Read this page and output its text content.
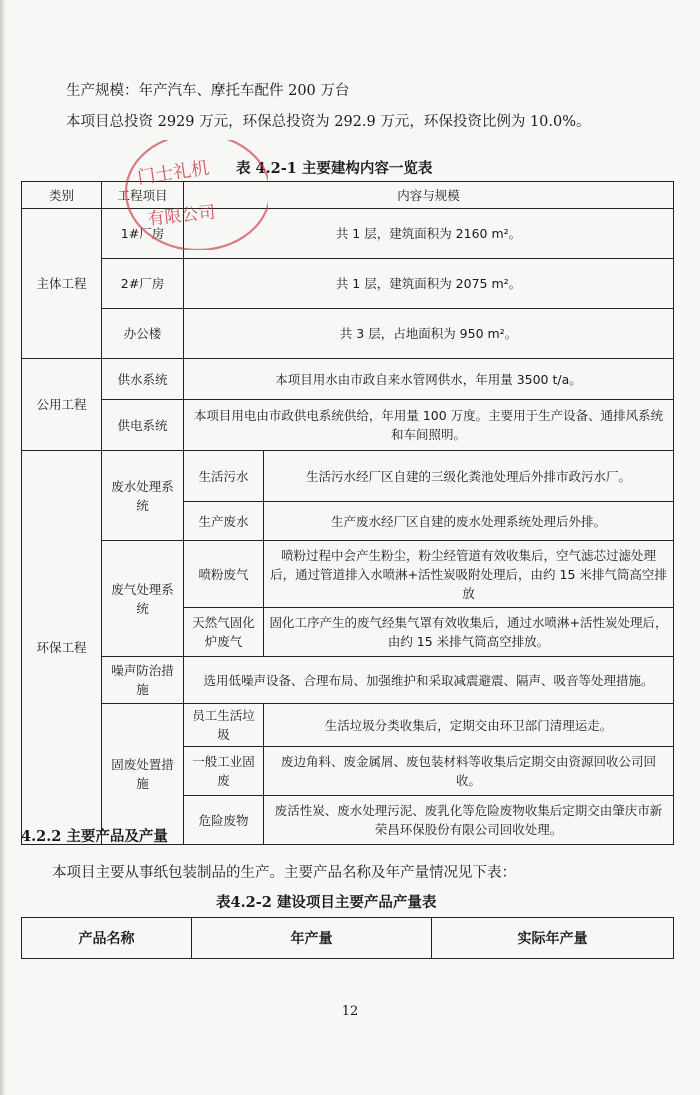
生产规模：年产汽车、摩托车配件 200 万台
本项目总投资 2929 万元，环保总投资为 292.9 万元，环保投资比例为 10.0%。
表 4.2-1 主要建构内容一览表
类别	工程项目	内容与规模	
主体工程	1#厂房	共 1 层，建筑面积为 2160 m²。	
	2#厂房	共 1 层，建筑面积为 2075 m²。	
	办公楼	共 3 层，占地面积为 950 m²。	
公用工程	供水系统	本项目用水由市政自来水管网供水，年用量 3500 t/a。	
	供电系统	本项目用电由市政供电系统供给，年用量 100 万度。主要用于生产设备、通排风系统和车间照明。	
环保工程	废水处理系统	生活污水	生活污水经厂区自建的三级化粪池处理后外排市政污水厂。
		生产废水	生产废水经厂区自建的废水处理系统处理后外排。
	废气处理系统	喷粉废气	喷粉过程中会产生粉尘，粉尘经管道有效收集后，空气滤芯过滤处理后，通过管道排入水喷淋+活性炭吸附处理后，由约 15 米排气筒高空排放
		天然气固化炉废气	固化工序产生的废气经集气罩有效收集后，通过水喷淋+活性炭处理后，由约 15 米排气筒高空排放。
	噪声防治措施	选用低噪声设备、合理布局、加强维护和采取减震避震、隔声、吸音等处理措施。	
	固废处置措施	员工生活垃圾	生活垃圾分类收集后，定期交由环卫部门清理运走。
		一般工业固废	废边角料、废金属屑、废包装材料等收集后定期交由资源回收公司回收。
		危险废物	废活性炭、废水处理污泥、废乳化等危险废物收集后定期交由肇庆市新荣昌环保股份有限公司回收处理。
门士礼机
有限公司
4.2.2 主要产品及产量
本项目主要从事纸包装制品的生产。主要产品名称及年产量情况见下表：
表4.2-2 建设项目主要产品产量表
产品名称	年产量	实际年产量
12
